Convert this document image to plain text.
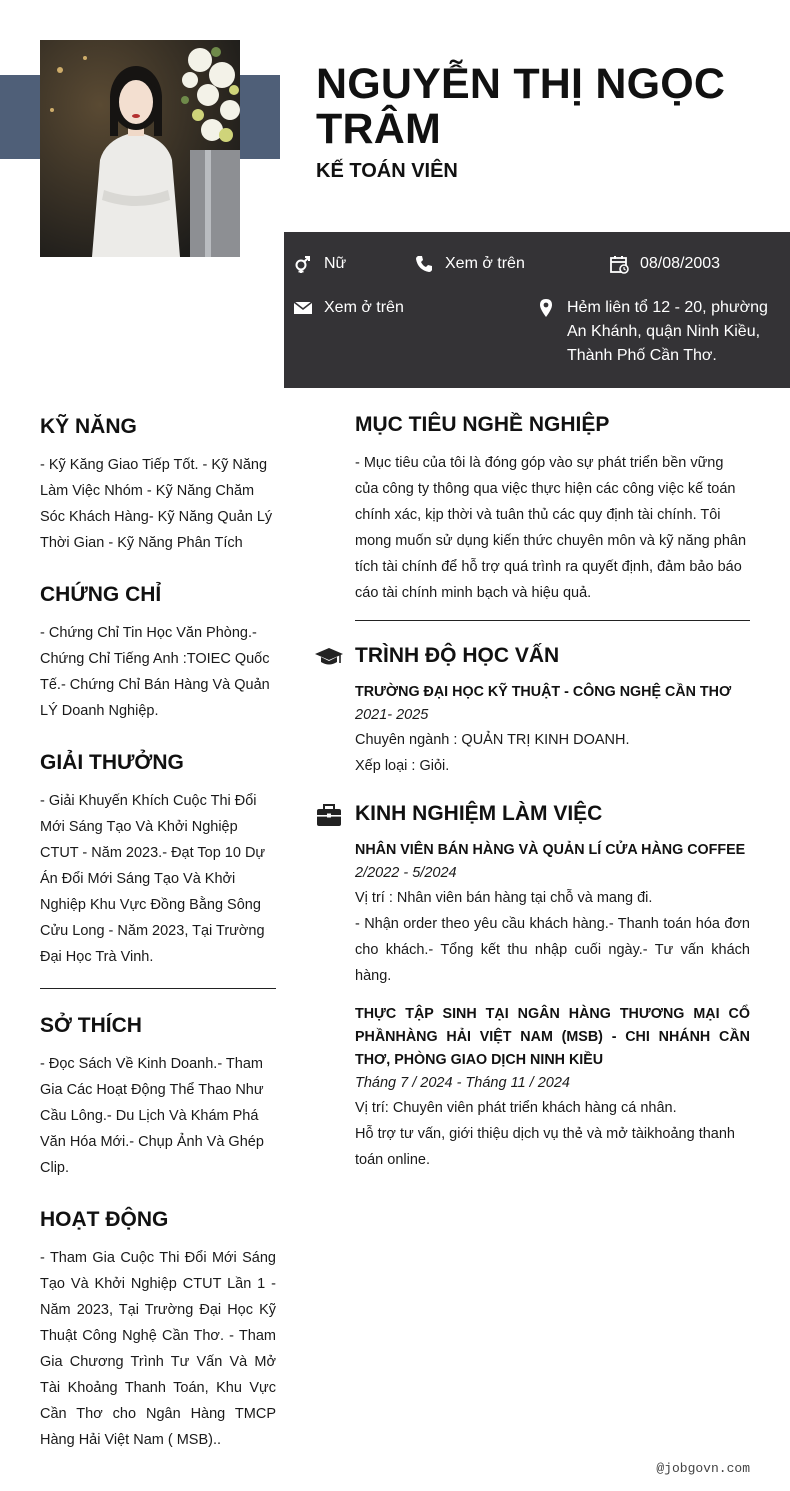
NGUYỄN THỊ NGỌC TRÂM
KẾ TOÁN VIÊN
Nữ	Xem ở trên	08/08/2003
Xem ở trên	Hẻm liên tổ 12 - 20, phường An Khánh, quận Ninh Kiều, Thành Phố Cần Thơ.
KỸ NĂNG

- Kỹ Kăng Giao Tiếp Tốt. - Kỹ Năng Làm Việc Nhóm - Kỹ Năng Chăm Sóc Khách Hàng- Kỹ Năng Quản Lý Thời Gian - Kỹ Năng Phân Tích

CHỨNG CHỈ

- Chứng Chỉ Tin Học Văn Phòng.- Chứng Chỉ Tiếng Anh :TOIEC Quốc Tế.- Chứng Chỉ Bán Hàng Và Quản LÝ Doanh Nghiệp.

GIẢI THƯỞNG

- Giải Khuyến Khích Cuộc Thi Đổi Mới Sáng Tạo Và Khởi Nghiệp CTUT - Năm 2023.- Đạt Top 10 Dự Án Đổi Mới Sáng Tạo Và Khởi Nghiệp Khu Vực Đồng Bằng Sông Cửu Long - Năm 2023, Tại Trường Đại Học Trà Vinh.

SỞ THÍCH

- Đọc Sách Về Kinh Doanh.- Tham Gia Các Hoạt Động Thể Thao Như Cầu Lông.- Du Lịch Và Khám Phá Văn Hóa Mới.- Chụp Ảnh Và Ghép Clip.

HOẠT ĐỘNG

- Tham Gia Cuộc Thi Đổi Mới Sáng Tạo Và Khởi Nghiệp CTUT Lần 1 - Năm 2023, Tại Trường Đại Học Kỹ Thuật Công Nghệ Cần Thơ. - Tham Gia Chương Trình Tư Vấn Và Mở Tài Khoảng Thanh Toán, Khu Vực Cần Thơ cho Ngân Hàng TMCP Hàng Hải Việt Nam ( MSB)..

MỤC TIÊU NGHỀ NGHIỆP

- Mục tiêu của tôi là đóng góp vào sự phát triển bền vững của công ty thông qua việc thực hiện các công việc kế toán chính xác, kịp thời và tuân thủ các quy định tài chính. Tôi mong muốn sử dụng kiến thức chuyên môn và kỹ năng phân tích tài chính để hỗ trợ quá trình ra quyết định, đảm bảo báo cáo tài chính minh bạch và hiệu quả.

TRÌNH ĐỘ HỌC VẤN

TRƯỜNG ĐẠI HỌC KỸ THUẬT - CÔNG NGHỆ CẦN THƠ

2021- 2025

Chuyên ngành : QUẢN TRỊ KINH DOANH.

Xếp loại : Giỏi.

KINH NGHIỆM LÀM VIỆC

NHÂN VIÊN BÁN HÀNG VÀ QUẢN LÍ CỬA HÀNG COFFEE

2/2022 - 5/2024

Vị trí : Nhân viên bán hàng tại chỗ và mang đi.

- Nhận order theo yêu cầu khách hàng.- Thanh toán hóa đơn cho khách.- Tổng kết thu nhập cuối ngày.- Tư vấn khách hàng.

THỰC TẬP SINH TẠI NGÂN HÀNG THƯƠNG MẠI CỔ PHẦNHÀNG HẢI VIỆT NAM (MSB) - CHI NHÁNH CẦN THƠ, PHÒNG GIAO DỊCH NINH KIỀU

Tháng 7 / 2024 - Tháng 11 / 2024

Vị trí: Chuyên viên phát triển khách hàng cá nhân.

Hỗ trợ tư vấn, giới thiệu dịch vụ thẻ và mở tàikhoảng thanh toán online.

@jobgovn.com
